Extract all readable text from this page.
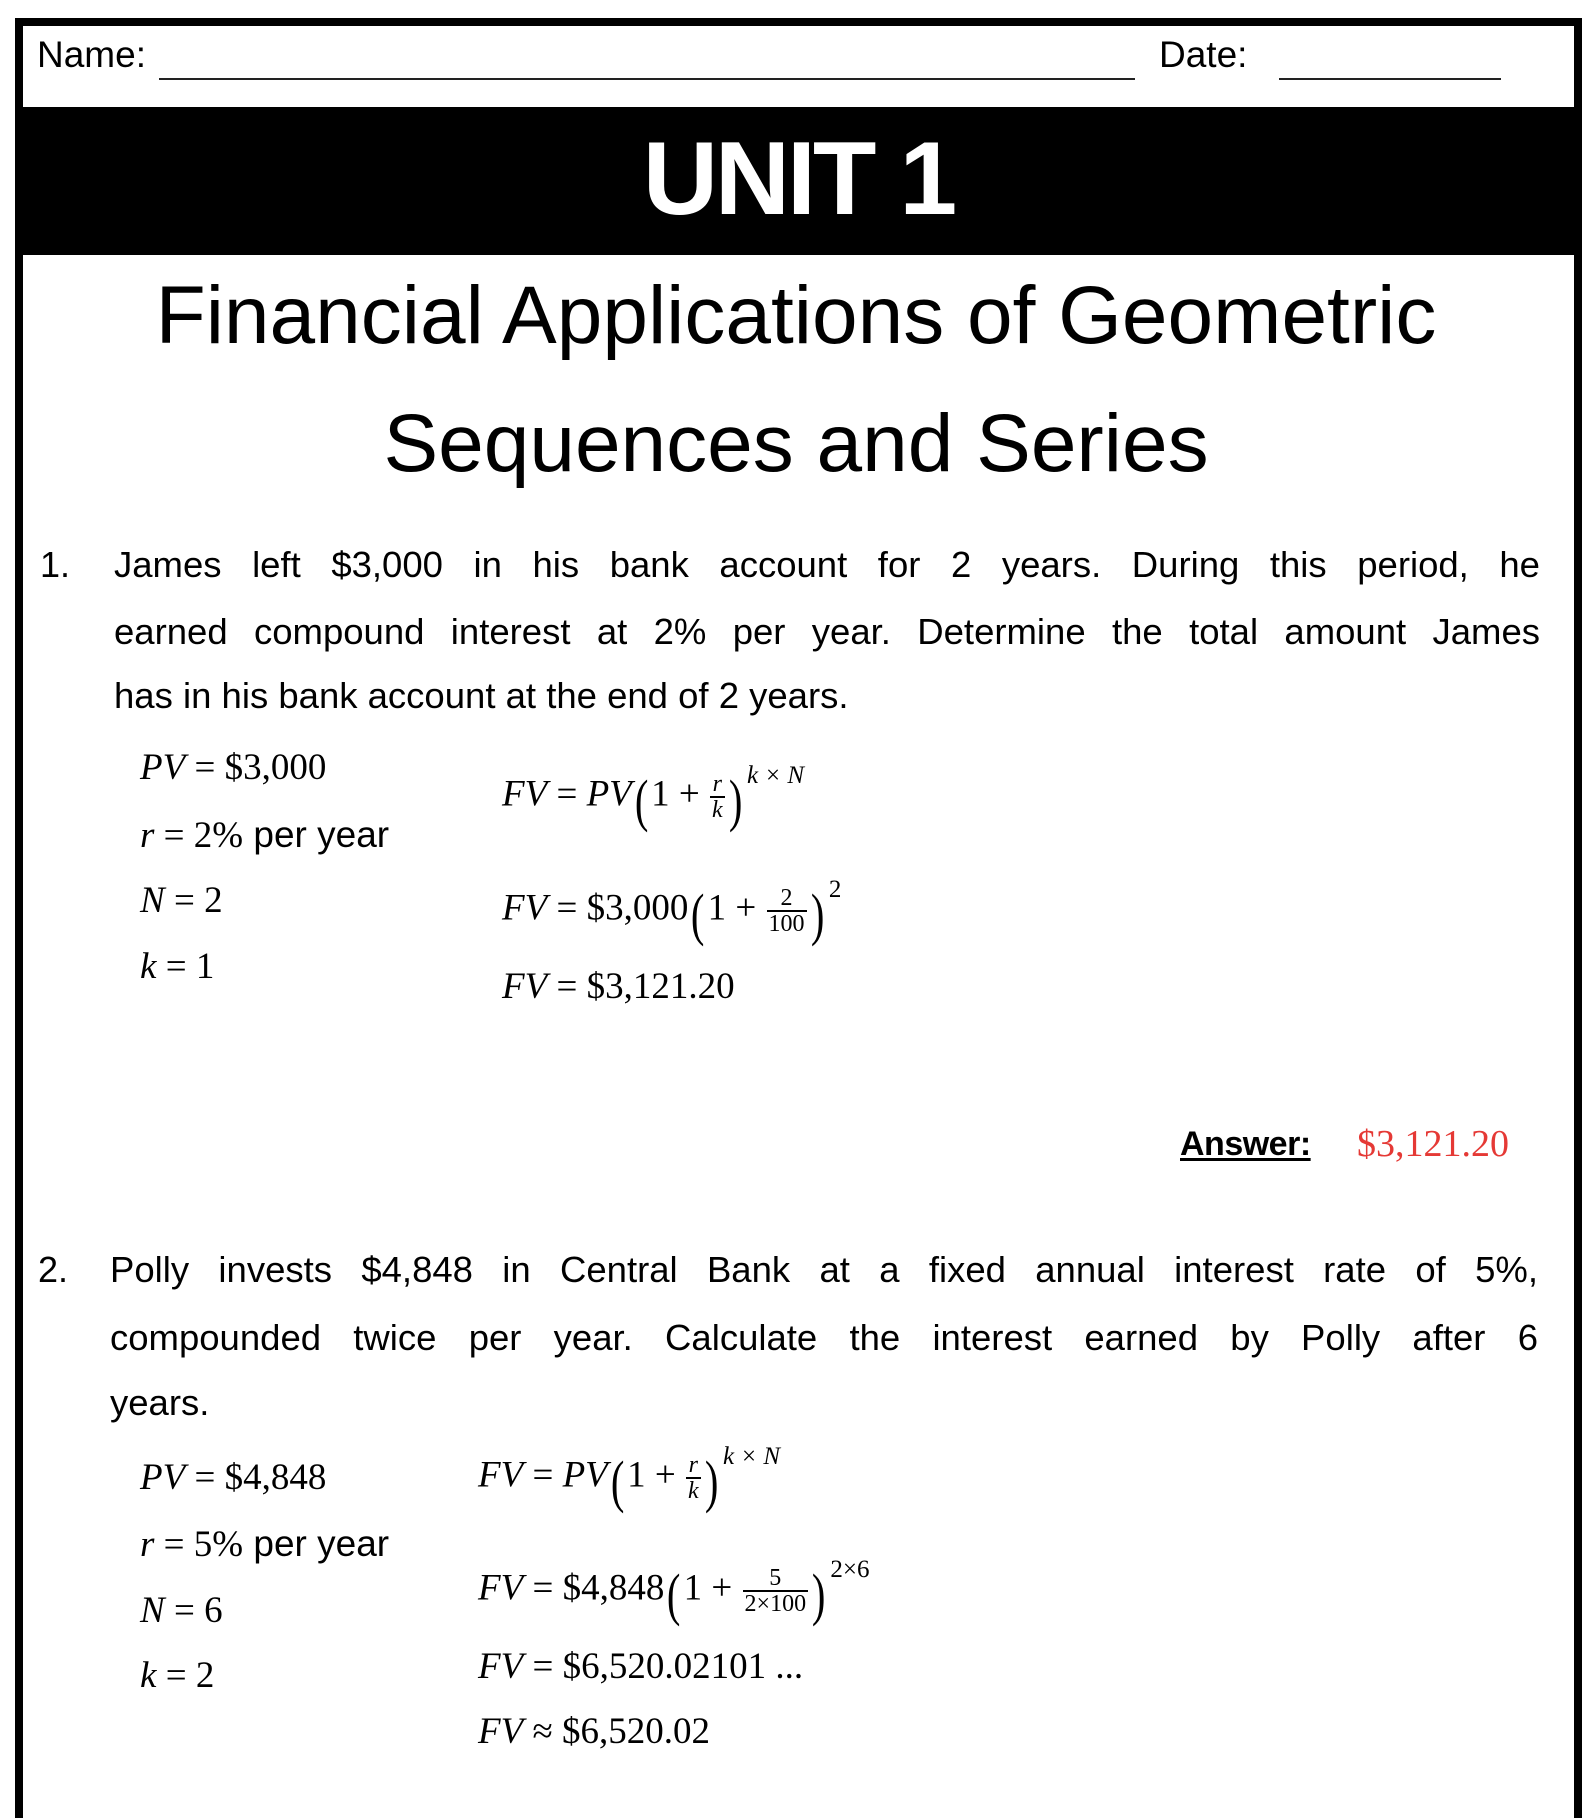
Name:	Date:
UNIT 1
Financial Applications of Geometric
Sequences and Series
1. James left $3,000 in his bank account for 2 years. During this period, he
earned compound interest at 2% per year. Determine the total amount James
has in his bank account at the end of 2 years.
PV = $3,000
r = 2% per year
N = 2
k = 1
FV = $PV(1 + \frac{r}{k}$ ) $^{k \times N}$
FV = $3,000(1 + $\frac{2}{100}$ ) $^2$
FV = $3,121.20
Answer: $3,121.20
2. Polly invests $4,848 in Central Bank at a fixed annual interest rate of 5%,
compounded twice per year. Calculate the interest earned by Polly after 6
years.
PV = $4,848
r = 5% per year
N = 6
k = 2
FV = $PV(1 + \frac{r}{k}$ ) $^{k \times N}$
FV = $4,848(1 + $\frac{5}{2\times 100}$ ) $^{2\times 6}$
FV = $6,520.02101 ...
FV ≈ $6,520.02
